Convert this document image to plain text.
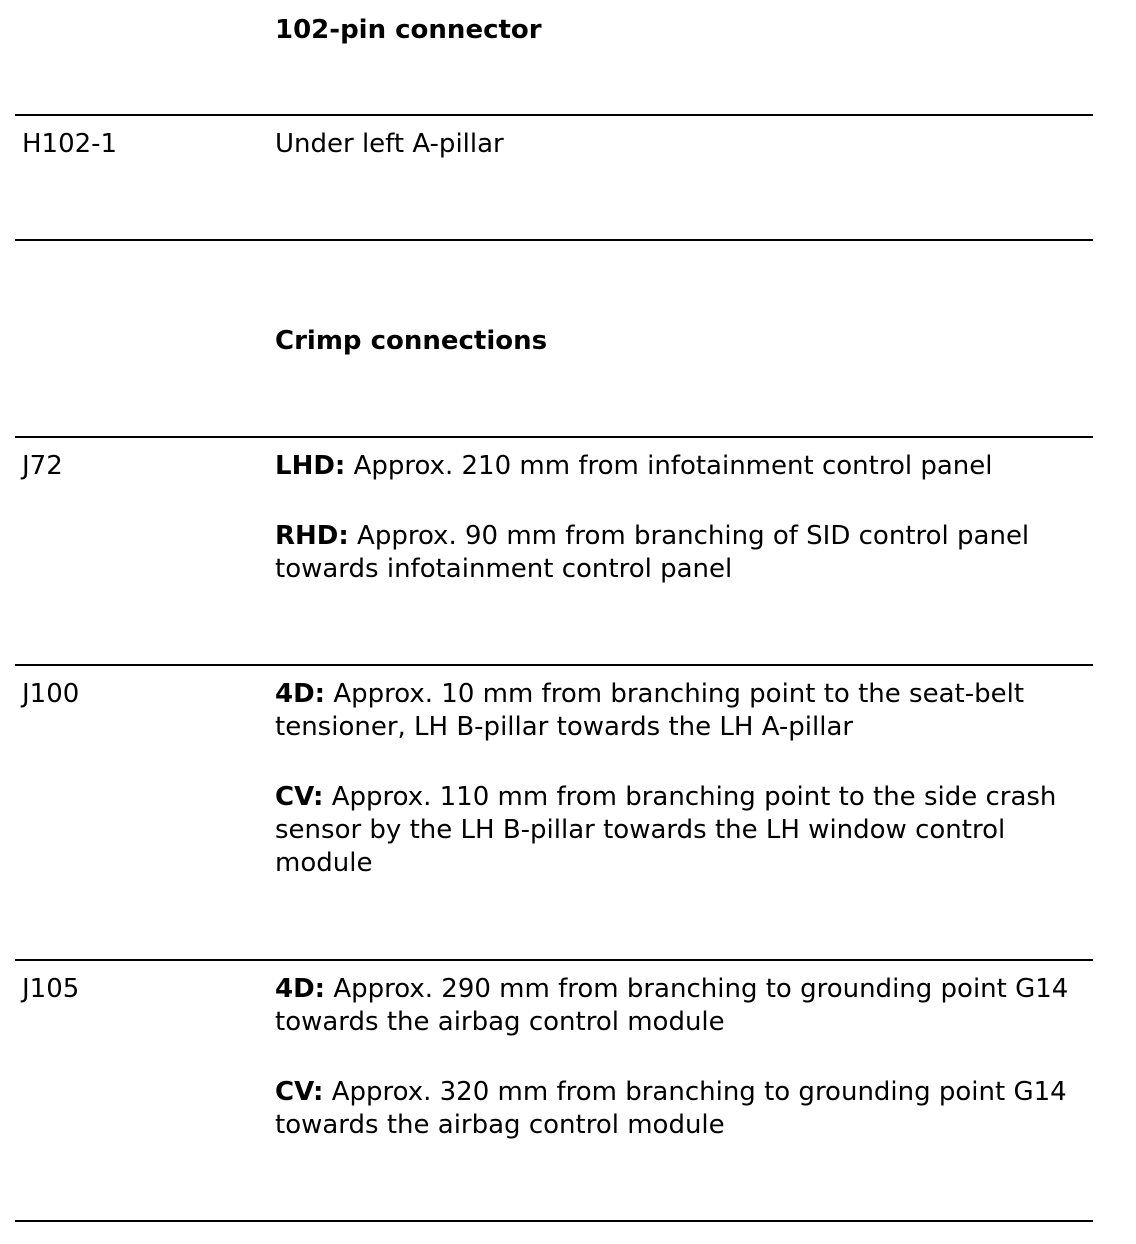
102-pin connector
H102-1	Under left A-pillar
Crimp connections
J72	LHD: Approx. 210 mm from infotainment control panel
RHD: Approx. 90 mm from branching of SID control panel towards infotainment control panel
J100	4D: Approx. 10 mm from branching point to the seat-belt tensioner, LH B-pillar towards the LH A-pillar
CV: Approx. 110 mm from branching point to the side crash sensor by the LH B-pillar towards the LH window control module
J105	4D: Approx. 290 mm from branching to grounding point G14 towards the airbag control module
CV: Approx. 320 mm from branching to grounding point G14 towards the airbag control module
